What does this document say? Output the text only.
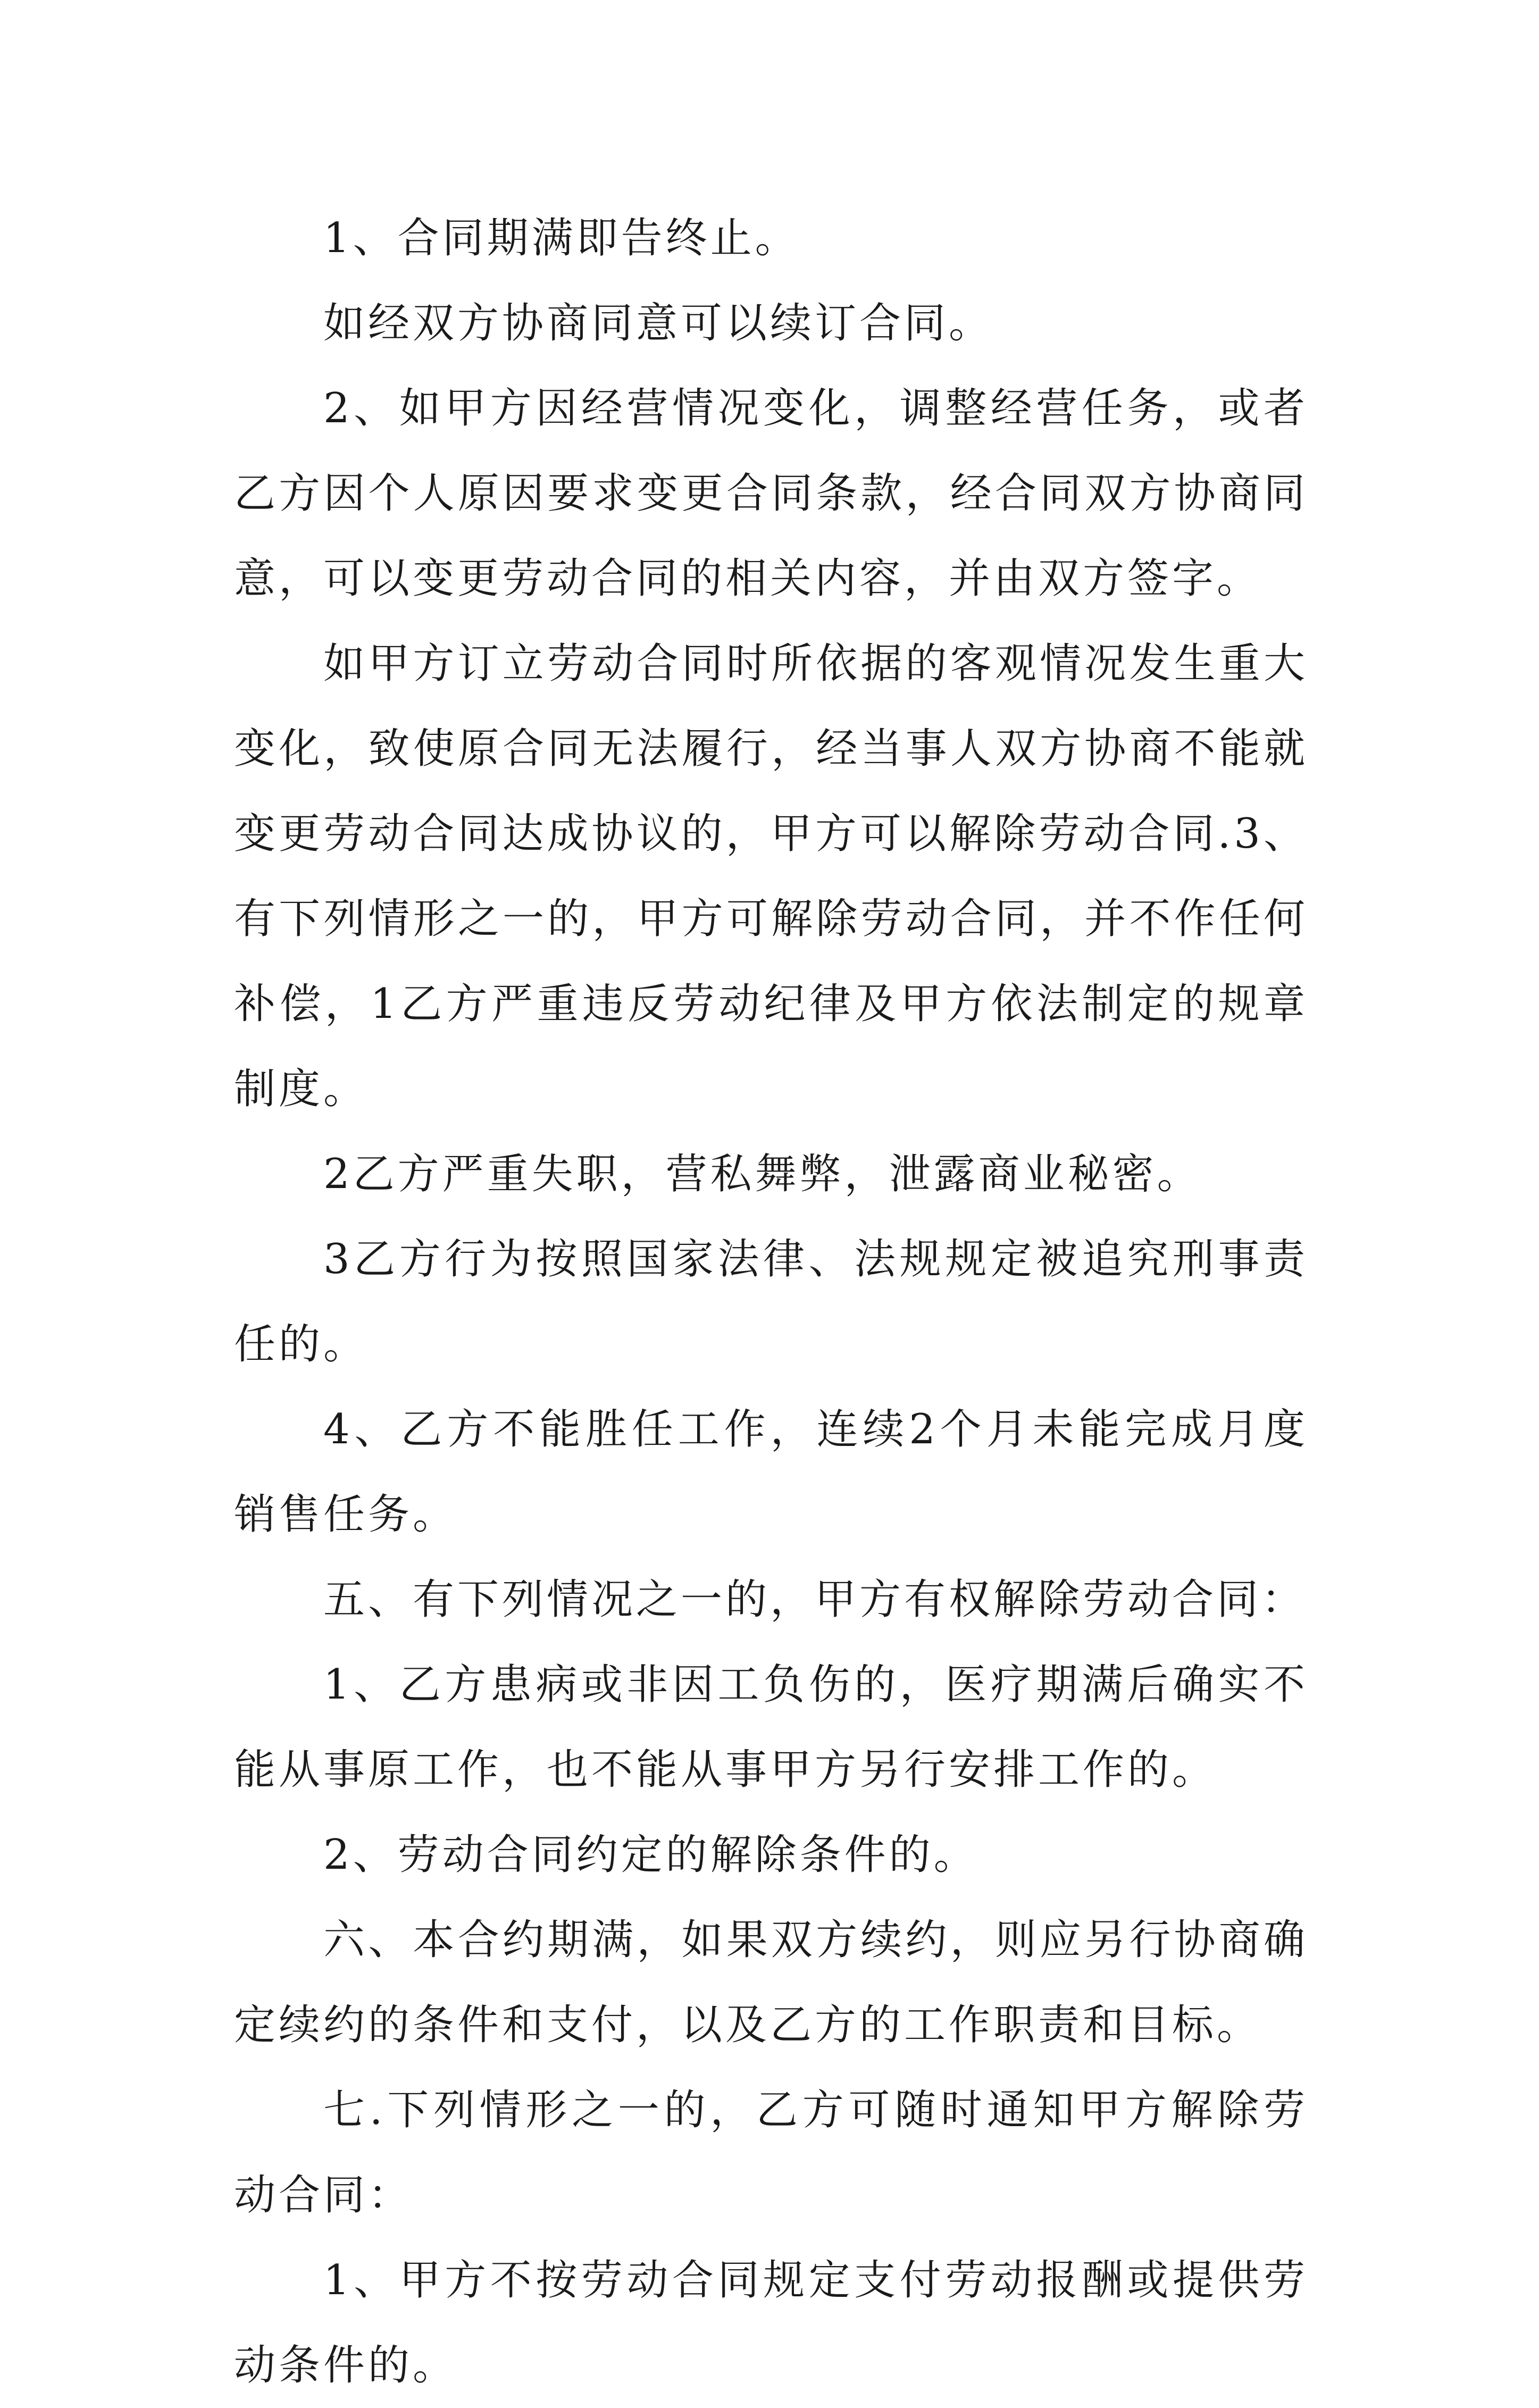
1、合同期满即告终止。

如经双方协商同意可以续订合同。

2、如甲方因经营情况变化，调整经营任务，或者乙方因个人原因要求变更合同条款，经合同双方协商同意，可以变更劳动合同的相关内容，并由双方签字。

如甲方订立劳动合同时所依据的客观情况发生重大变化，致使原合同无法履行，经当事人双方协商不能就变更劳动合同达成协议的，甲方可以解除劳动合同.3、有下列情形之一的，甲方可解除劳动合同，并不作任何补偿，1乙方严重违反劳动纪律及甲方依法制定的规章制度。

2乙方严重失职，营私舞弊，泄露商业秘密。

3乙方行为按照国家法律、法规规定被追究刑事责任的。

4、乙方不能胜任工作，连续2个月未能完成月度销售任务。

五、有下列情况之一的，甲方有权解除劳动合同：

1、乙方患病或非因工负伤的，医疗期满后确实不能从事原工作，也不能从事甲方另行安排工作的。

2、劳动合同约定的解除条件的。

六、本合约期满，如果双方续约，则应另行协商确定续约的条件和支付，以及乙方的工作职责和目标。

七.下列情形之一的，乙方可随时通知甲方解除劳动合同：

1、甲方不按劳动合同规定支付劳动报酬或提供劳动条件的。
